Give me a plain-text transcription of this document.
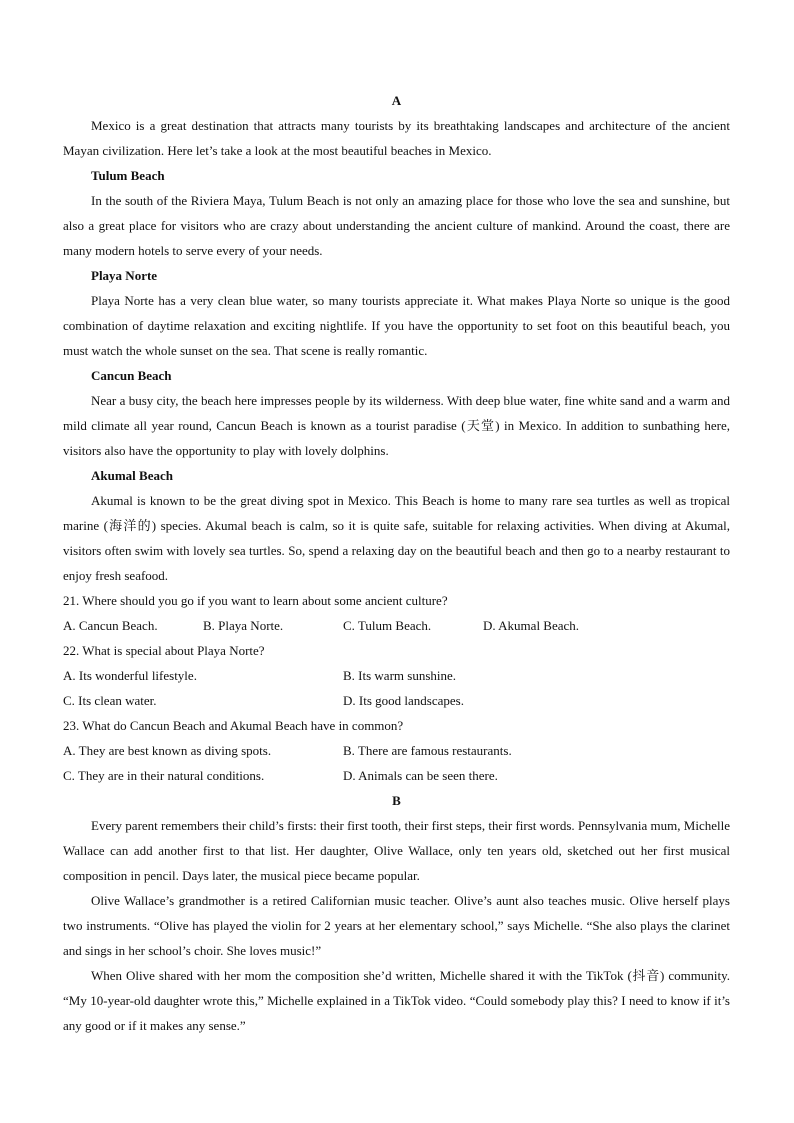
A

Mexico is a great destination that attracts many tourists by its breathtaking landscapes and architecture of the ancient Mayan civilization. Here let’s take a look at the most beautiful beaches in Mexico.

Tulum Beach

In the south of the Riviera Maya, Tulum Beach is not only an amazing place for those who love the sea and sunshine, but also a great place for visitors who are crazy about understanding the ancient culture of mankind. Around the coast, there are many modern hotels to serve every of your needs.

Playa Norte

Playa Norte has a very clean blue water, so many tourists appreciate it. What makes Playa Norte so unique is the good combination of daytime relaxation and exciting nightlife. If you have the opportunity to set foot on this beautiful beach, you must watch the whole sunset on the sea. That scene is really romantic.

Cancun Beach

Near a busy city, the beach here impresses people by its wilderness. With deep blue water, fine white sand and a warm and mild climate all year round, Cancun Beach is known as a tourist paradise (天堂) in Mexico. In addition to sunbathing here, visitors also have the opportunity to play with lovely dolphins.

Akumal Beach

Akumal is known to be the great diving spot in Mexico. This Beach is home to many rare sea turtles as well as tropical marine (海洋的) species. Akumal beach is calm, so it is quite safe, suitable for relaxing activities. When diving at Akumal, visitors often swim with lovely sea turtles. So, spend a relaxing day on the beautiful beach and then go to a nearby restaurant to enjoy fresh seafood.

21. Where should you go if you want to learn about some ancient culture?

A. Cancun Beach.	B. Playa Norte.	C. Tulum Beach.	D. Akumal Beach.

22. What is special about Playa Norte?

A. Its wonderful lifestyle.	B. Its warm sunshine.
C. Its clean water.	D. Its good landscapes.

23. What do Cancun Beach and Akumal Beach have in common?

A. They are best known as diving spots.	B. There are famous restaurants.
C. They are in their natural conditions.	D. Animals can be seen there.
B

Every parent remembers their child’s firsts: their first tooth, their first steps, their first words. Pennsylvania mum, Michelle Wallace can add another first to that list. Her daughter, Olive Wallace, only ten years old, sketched out her first musical composition in pencil. Days later, the musical piece became popular.

Olive Wallace’s grandmother is a retired Californian music teacher. Olive’s aunt also teaches music. Olive herself plays two instruments. “Olive has played the violin for 2 years at her elementary school,” says Michelle. “She also plays the clarinet and sings in her school’s choir. She loves music!”

When Olive shared with her mom the composition she’d written, Michelle shared it with the TikTok (抖音) community. “My 10-year-old daughter wrote this,” Michelle explained in a TikTok video. “Could somebody play this? I need to know if it’s any good or if it makes any sense.”
